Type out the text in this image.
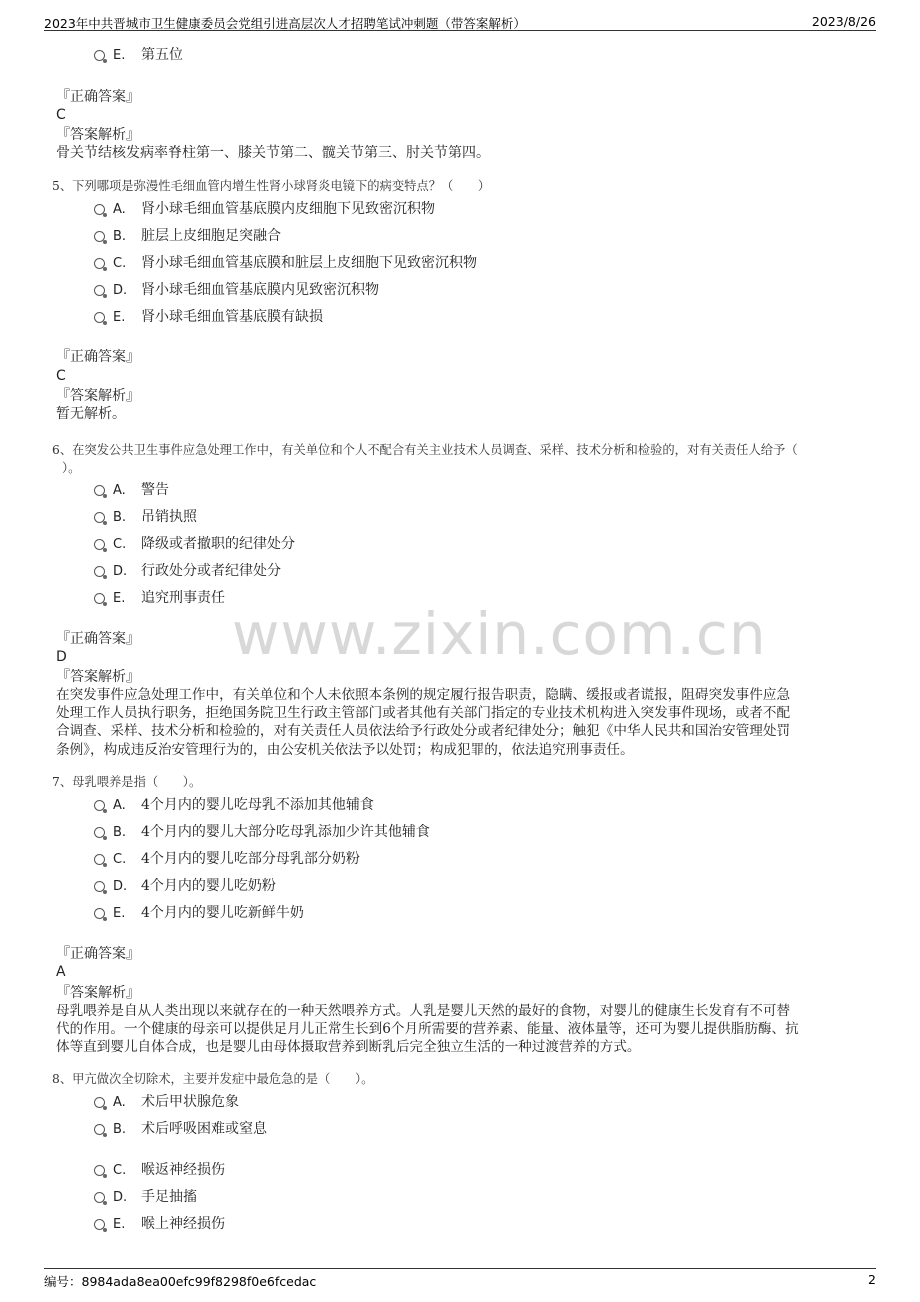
2023年中共晋城市卫生健康委员会党组引进高层次人才招聘笔试冲刺题（带答案解析）	2023/8/26
www.zixin.com.cn
E. 第五位
『正确答案』
C
『答案解析』
骨关节结核发病率脊柱第一、膝关节第二、髋关节第三、肘关节第四。
5、下列哪项是弥漫性毛细血管内增生性肾小球肾炎电镜下的病变特点？（　　）
A. 肾小球毛细血管基底膜内皮细胞下见致密沉积物
B. 脏层上皮细胞足突融合
C. 肾小球毛细血管基底膜和脏层上皮细胞下见致密沉积物
D. 肾小球毛细血管基底膜内见致密沉积物
E. 肾小球毛细血管基底膜有缺损
『正确答案』
C
『答案解析』
暂无解析。
6、在突发公共卫生事件应急处理工作中，有关单位和个人不配合有关主业技术人员调查、采样、技术分析和检验的，对有关责任人给予（
）。
A. 警告
B. 吊销执照
C. 降级或者撤职的纪律处分
D. 行政处分或者纪律处分
E. 追究刑事责任
『正确答案』
D
『答案解析』
在突发事件应急处理工作中，有关单位和个人未依照本条例的规定履行报告职责，隐瞒、缓报或者谎报，阻碍突发事件应急
处理工作人员执行职务，拒绝国务院卫生行政主管部门或者其他有关部门指定的专业技术机构进入突发事件现场，或者不配
合调查、采样、技术分析和检验的，对有关责任人员依法给予行政处分或者纪律处分；触犯《中华人民共和国治安管理处罚
条例》，构成违反治安管理行为的，由公安机关依法予以处罚；构成犯罪的，依法追究刑事责任。
7、母乳喂养是指（　　）。
A. 4个月内的婴儿吃母乳不添加其他辅食
B. 4个月内的婴儿大部分吃母乳添加少许其他辅食
C. 4个月内的婴儿吃部分母乳部分奶粉
D. 4个月内的婴儿吃奶粉
E. 4个月内的婴儿吃新鲜牛奶
『正确答案』
A
『答案解析』
母乳喂养是自从人类出现以来就存在的一种天然喂养方式。人乳是婴儿天然的最好的食物，对婴儿的健康生长发育有不可替
代的作用。一个健康的母亲可以提供足月儿正常生长到6个月所需要的营养素、能量、液体量等，还可为婴儿提供脂肪酶、抗
体等直到婴儿自体合成，也是婴儿由母体摄取营养到断乳后完全独立生活的一种过渡营养的方式。
8、甲亢做次全切除术，主要并发症中最危急的是（　　）。
A. 术后甲状腺危象
B. 术后呼吸困难或窒息
C. 喉返神经损伤
D. 手足抽搐
E. 喉上神经损伤
编号：8984ada8ea00efc99f8298f0e6fcedac	2
